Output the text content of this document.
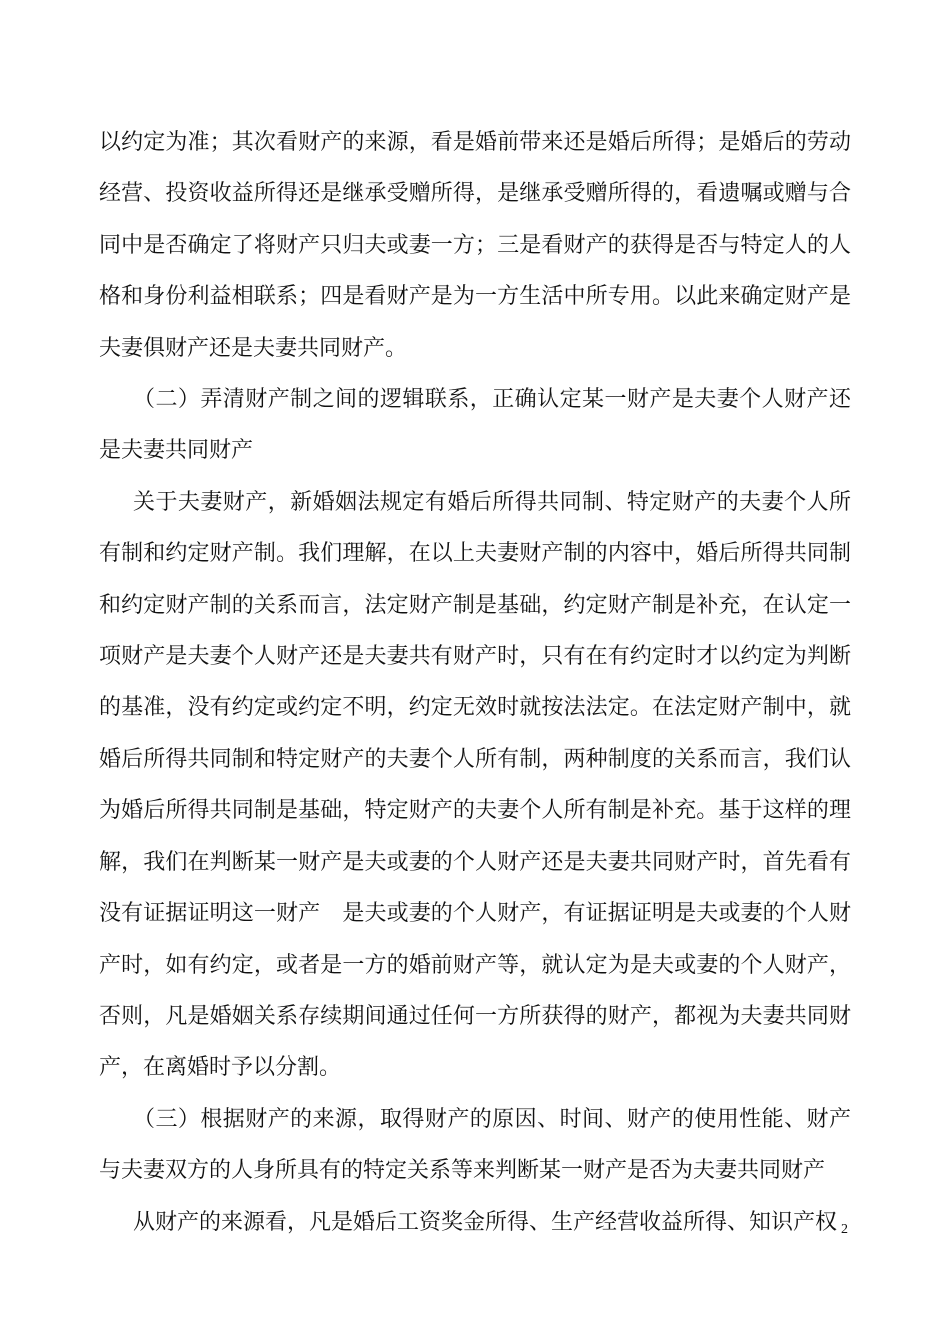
以约定为准；其次看财产的来源，看是婚前带来还是婚后所得；是婚后的劳动经营、投资收益所得还是继承受赠所得，是继承受赠所得的，看遗嘱或赠与合同中是否确定了将财产只归夫或妻一方；三是看财产的获得是否与特定人的人格和身份利益相联系；四是看财产是为一方生活中所专用。以此来确定财产是夫妻俱财产还是夫妻共同财产。

（二）弄清财产制之间的逻辑联系，正确认定某一财产是夫妻个人财产还是夫妻共同财产

关于夫妻财产，新婚姻法规定有婚后所得共同制、特定财产的夫妻个人所有制和约定财产制。我们理解，在以上夫妻财产制的内容中，婚后所得共同制和约定财产制的关系而言，法定财产制是基础，约定财产制是补充，在认定一项财产是夫妻个人财产还是夫妻共有财产时，只有在有约定时才以约定为判断的基准，没有约定或约定不明，约定无效时就按法法定。在法定财产制中，就婚后所得共同制和特定财产的夫妻个人所有制，两种制度的关系而言，我们认为婚后所得共同制是基础，特定财产的夫妻个人所有制是补充。基于这样的理解，我们在判断某一财产是夫或妻的个人财产还是夫妻共同财产时，首先看有没有证据证明这一财产　是夫或妻的个人财产，有证据证明是夫或妻的个人财产时，如有约定，或者是一方的婚前财产等，就认定为是夫或妻的个人财产，否则，凡是婚姻关系存续期间通过任何一方所获得的财产，都视为夫妻共同财产，在离婚时予以分割。

（三）根据财产的来源，取得财产的原因、时间、财产的使用性能、财产与夫妻双方的人身所具有的特定关系等来判断某一财产是否为夫妻共同财产

从财产的来源看，凡是婚后工资奖金所得、生产经营收益所得、知识产权 2
